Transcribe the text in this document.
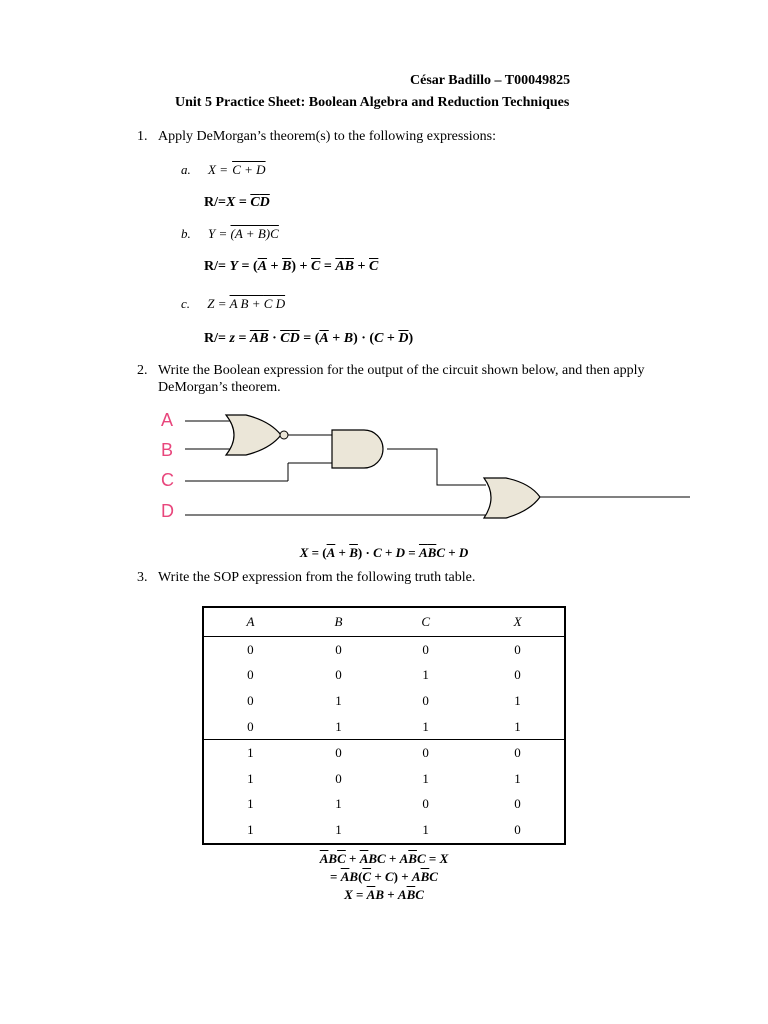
César Badillo – T00049825
Unit 5 Practice Sheet: Boolean Algebra and Reduction Techniques
1. Apply DeMorgan’s theorem(s) to the following expressions:
a. X = C + D
$R/=X = \overline{C}\overline{D}$
b. Y = (A + B)C
$R/= Y = (\overline{A} + \overline{B}) + \overline{C} = \overline{A}\overline{B} + \overline{C}$
c. Z = A B + C D
R/= z = AB · CD = $(\overline{A} + B) \cdot (C + \overline{D})$
2. Write the Boolean expression for the output of the circuit shown below, and then apply DeMorgan’s theorem.
A
B
C
D
$X = (\overline{A} + \overline{B}) \cdot C + D = \overline{A}\overline{B}C + D$
3. Write the SOP expression from the following truth table.
A	B	C	X
0	0	0	0
0	0	1	0
0	1	0	1
0	1	1	1
1	0	0	0
1	0	1	1
1	1	0	0
1	1	1	0
$\overline{A}B\overline{C} + \overline{A}BC + A\overline{B}C = X$
= $\overline{A}B(\overline{C} + C) + A\overline{B}C$
$X = \overline{A}B + A\overline{B}C$
